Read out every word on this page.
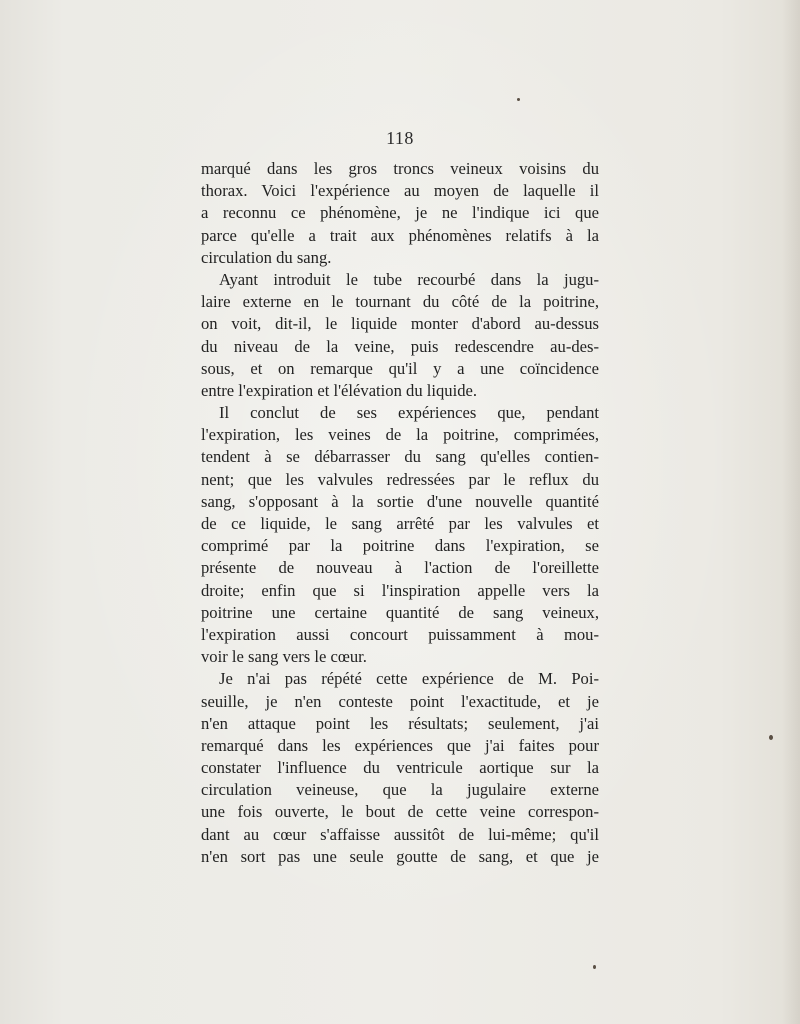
118
marqué dans les gros troncs veineux voisins du
thorax. Voici l'expérience au moyen de laquelle il
a reconnu ce phénomène, je ne l'indique ici que
parce qu'elle a trait aux phénomènes relatifs à la
circulation du sang.
Ayant introduit le tube recourbé dans la jugu-
laire externe en le tournant du côté de la poitrine,
on voit, dit-il, le liquide monter d'abord au-dessus
du niveau de la veine, puis redescendre au-des-
sous, et on remarque qu'il y a une coïncidence
entre l'expiration et l'élévation du liquide.
Il conclut de ses expériences que, pendant
l'expiration, les veines de la poitrine, comprimées,
tendent à se débarrasser du sang qu'elles contien-
nent; que les valvules redressées par le reflux du
sang, s'opposant à la sortie d'une nouvelle quantité
de ce liquide, le sang arrêté par les valvules et
comprimé par la poitrine dans l'expiration, se
présente de nouveau à l'action de l'oreillette
droite; enfin que si l'inspiration appelle vers la
poitrine une certaine quantité de sang veineux,
l'expiration aussi concourt puissamment à mou-
voir le sang vers le cœur.
Je n'ai pas répété cette expérience de M. Poi-
seuille, je n'en conteste point l'exactitude, et je
n'en attaque point les résultats; seulement, j'ai
remarqué dans les expériences que j'ai faites pour
constater l'influence du ventricule aortique sur la
circulation veineuse, que la jugulaire externe
une fois ouverte, le bout de cette veine correspon-
dant au cœur s'affaisse aussitôt de lui-même; qu'il
n'en sort pas une seule goutte de sang, et que je
